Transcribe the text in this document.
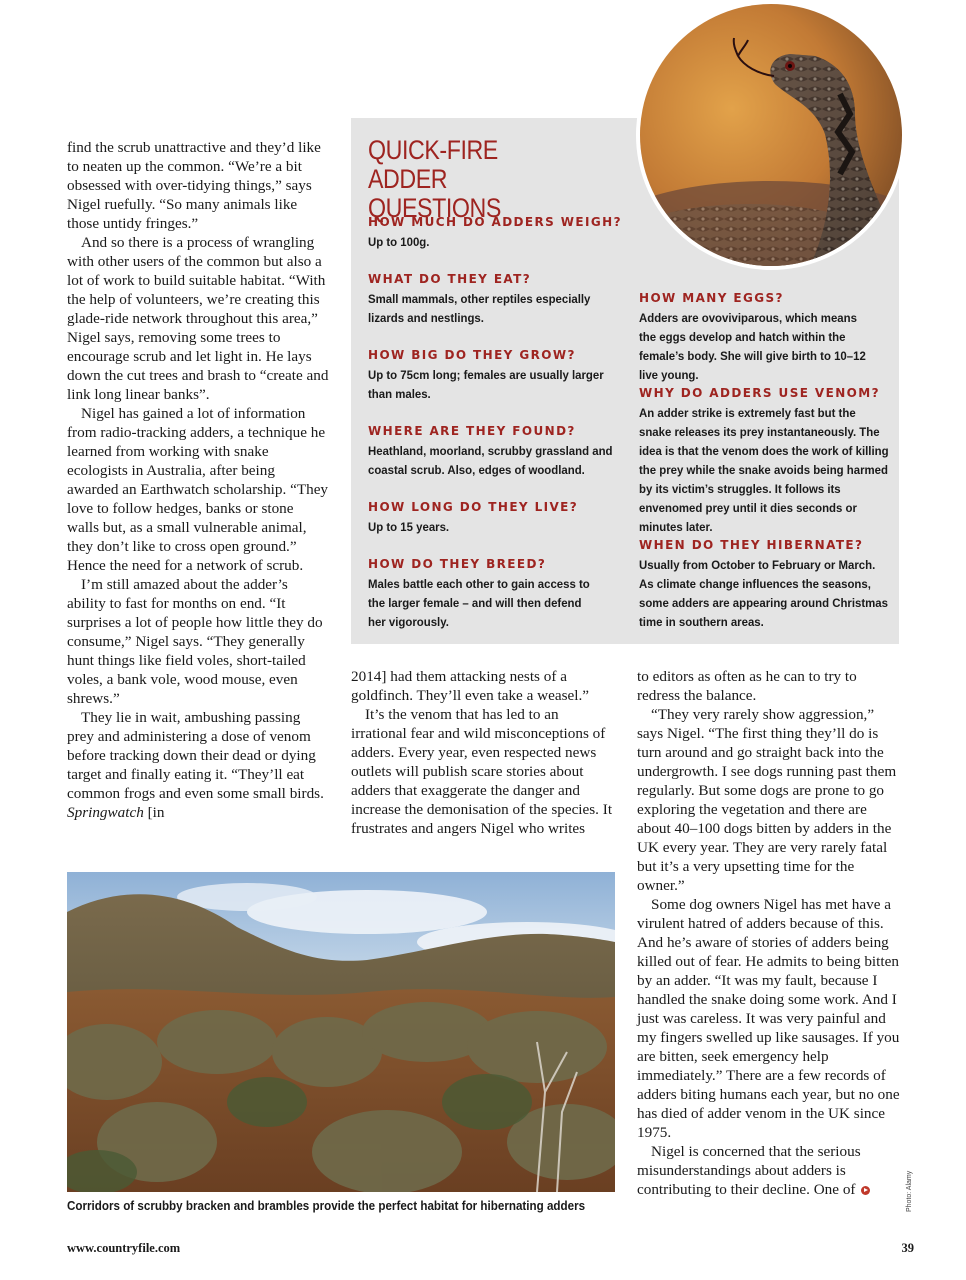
find the scrub unattractive and they’d like to neaten up the common. “We’re a bit obsessed with over-tidying things,” says Nigel ruefully. “So many animals like those untidy fringes.”

And so there is a process of wrangling with other users of the common but also a lot of work to build suitable habitat. “With the help of volunteers, we’re creating this glade-ride network throughout this area,” Nigel says, removing some trees to encourage scrub and let light in. He lays down the cut trees and brash to “create and link long linear banks”.

Nigel has gained a lot of information from radio-tracking adders, a technique he learned from working with snake ecologists in Australia, after being awarded an Earthwatch scholarship. “They love to follow hedges, banks or stone walls but, as a small vulnerable animal, they don’t like to cross open ground.” Hence the need for a network of scrub.

I’m still amazed about the adder’s ability to fast for months on end. “It surprises a lot of people how little they do consume,” Nigel says. “They generally hunt things like field voles, short-tailed voles, a bank vole, wood mouse, even shrews.”

They lie in wait, ambushing passing prey and administering a dose of venom before tracking down their dead or dying target and finally eating it. “They’ll eat common frogs and even some small birds. Springwatch [in

QUICK-FIRE ADDER QUESTIONS
HOW MUCH DO ADDERS WEIGH?
Up to 100g.
WHAT DO THEY EAT?
Small mammals, other reptiles especially lizards and nestlings.
HOW BIG DO THEY GROW?
Up to 75cm long; females are usually larger than males.
WHERE ARE THEY FOUND?
Heathland, moorland, scrubby grassland and coastal scrub. Also, edges of woodland.
HOW LONG DO THEY LIVE?
Up to 15 years.
HOW DO THEY BREED?
Males battle each other to gain access to the larger female – and will then defend her vigorously.
HOW MANY EGGS?
Adders are ovoviviparous, which means the eggs develop and hatch within the female’s body. She will give birth to 10–12 live young.
WHY DO ADDERS USE VENOM?
An adder strike is extremely fast but the snake releases its prey instantaneously. The idea is that the venom does the work of killing the prey while the snake avoids being harmed by its victim’s struggles. It follows its envenomed prey until it dies seconds or minutes later.
WHEN DO THEY HIBERNATE?
Usually from October to February or March. As climate change influences the seasons, some adders are appearing around Christmas time in southern areas.

2014] had them attacking nests of a goldfinch. They’ll even take a weasel.”

It’s the venom that has led to an irrational fear and wild misconceptions of adders. Every year, even respected news outlets will publish scare stories about adders that exaggerate the danger and increase the demonisation of the species. It frustrates and angers Nigel who writes

Corridors of scrubby bracken and brambles provide the perfect habitat for hibernating adders

to editors as often as he can to try to redress the balance.

“They very rarely show aggression,” says Nigel. “The first thing they’ll do is turn around and go straight back into the undergrowth. I see dogs running past them regularly. But some dogs are prone to go exploring the vegetation and there are about 40–100 dogs bitten by adders in the UK every year. They are very rarely fatal but it’s a very upsetting time for the owner.”

Some dog owners Nigel has met have a virulent hatred of adders because of this. And he’s aware of stories of adders being killed out of fear. He admits to being bitten by an adder. “It was my fault, because I handled the snake doing some work. And I just was careless. It was very painful and my fingers swelled up like sausages. If you are bitten, seek emergency help immediately.” There are a few records of adders biting humans each year, but no one has died of adder venom in the UK since 1975.

Nigel is concerned that the serious misunderstandings about adders is contributing to their decline. One of	Photo: Alamy
www.countryfile.com	39
